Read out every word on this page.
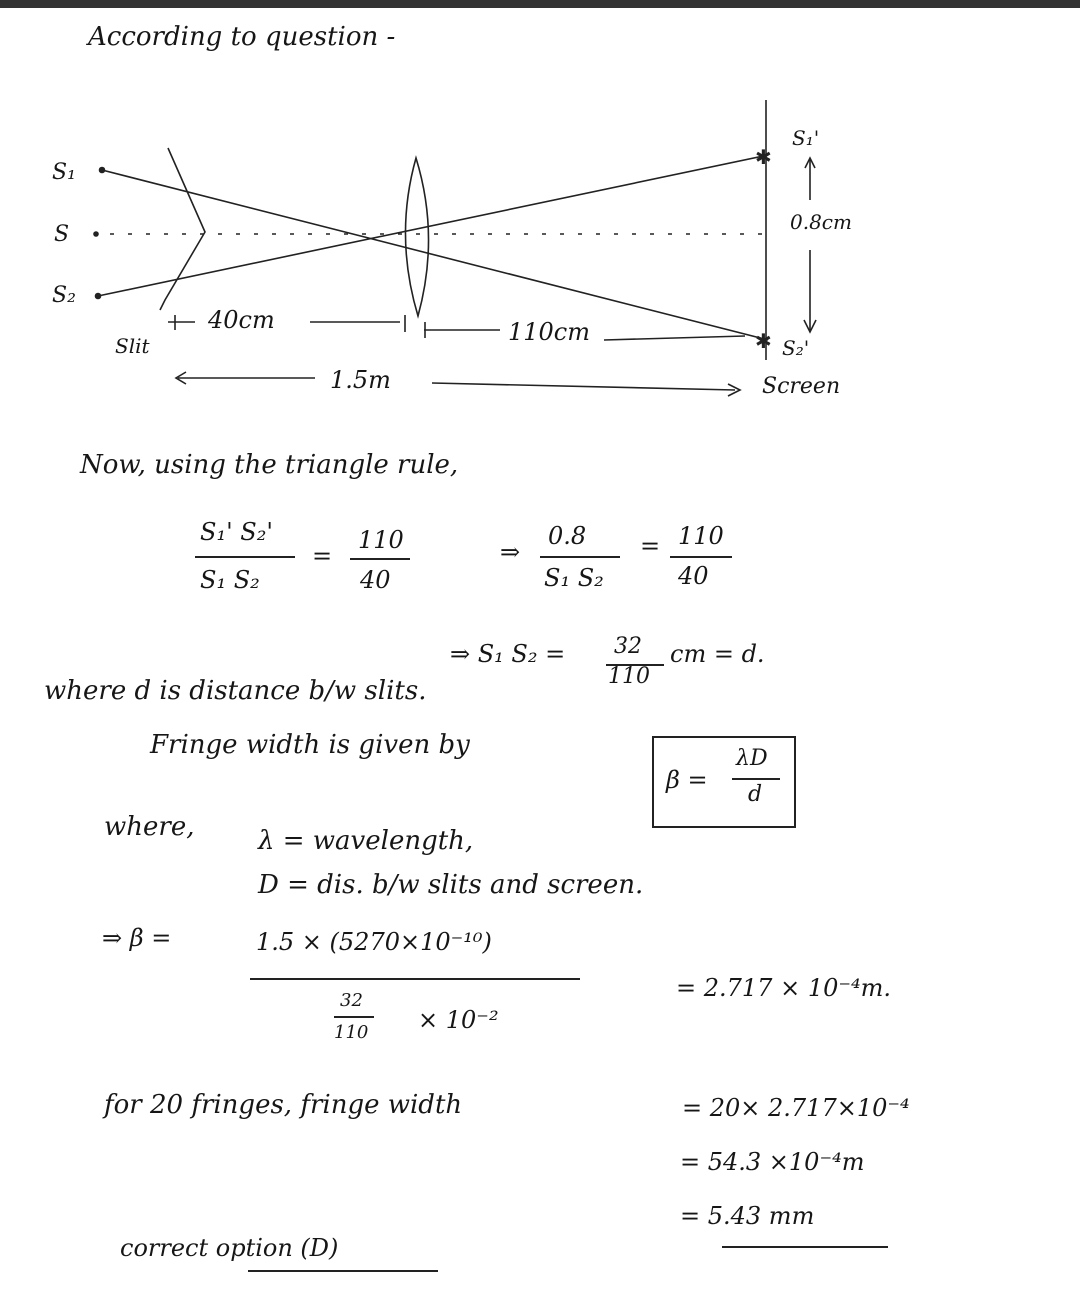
According to question -
✱
✱
S₁
S
S₂
S₁'
0.8cm
S₂'
Slit
40cm	110cm
1.5m	Screen
Now, using the triangle rule,
S₁' S₂'
S₁ S₂
=
110
40
⇒
0.8
S₁ S₂
= 110
40
⇒ S₁ S₂ = 32
110
cm = d.
where d is distance b/w slits.
Fringe width is given by
β =
λD
d
where, λ = wavelength,
D = dis. b/w slits and screen.
⇒ β =	1.5 × (5270×10⁻¹⁰)
32
110 × 10⁻²
= 2.717 × 10⁻⁴m.
for 20 fringes, fringe width	= 20× 2.717×10⁻⁴
= 54.3 ×10⁻⁴m
= 5.43 mm
correct option (D)
